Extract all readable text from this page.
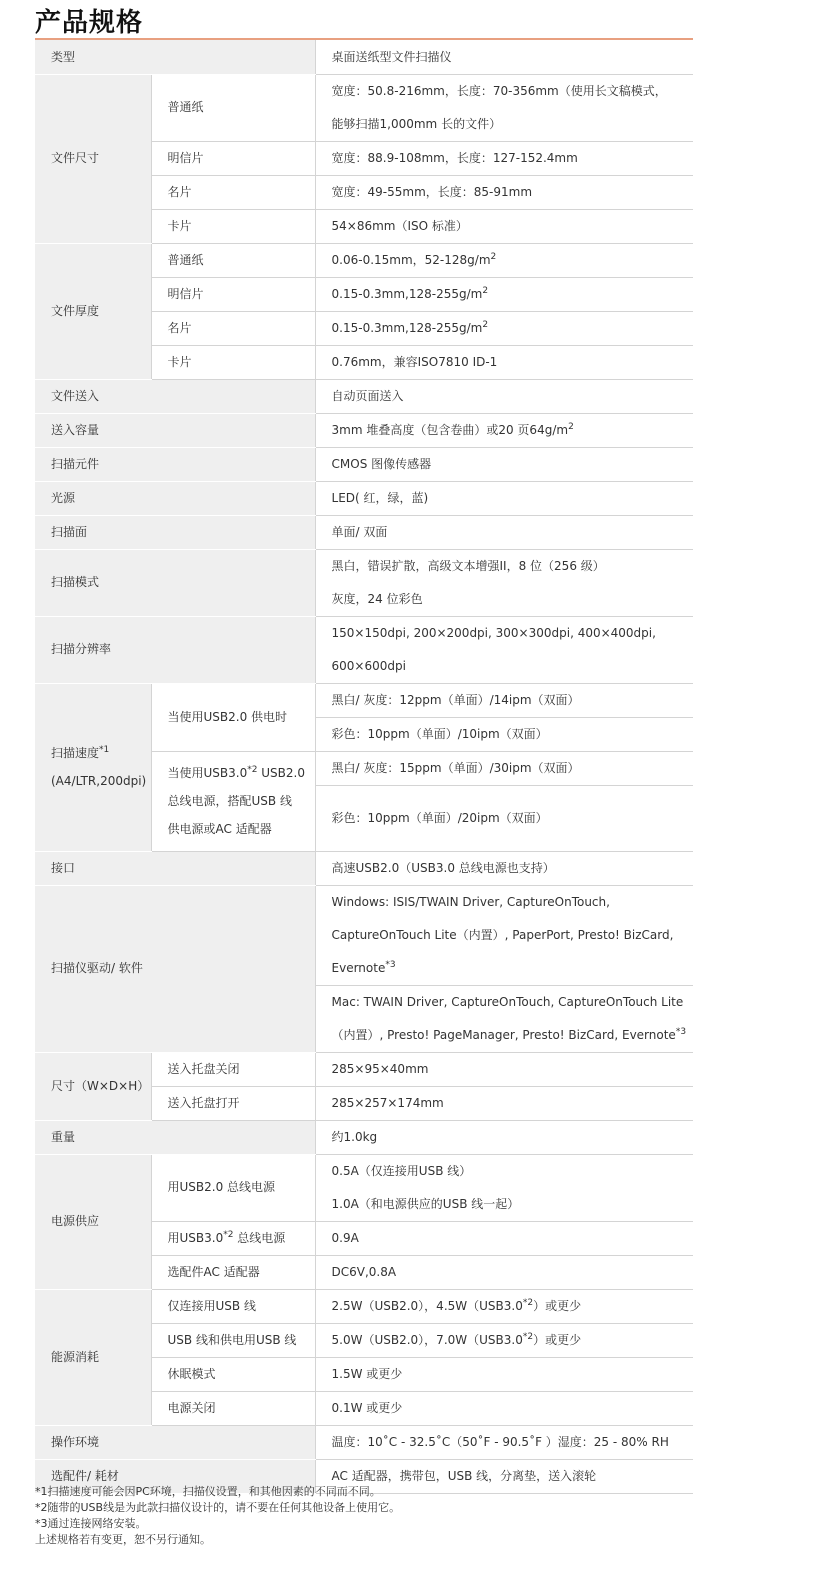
产品规格
类型		桌面送纸型文件扫描仪
文件尺寸	普通纸	宽度：50.8-216mm，长度：70-356mm（使用长文稿模式，
能够扫描1,000mm 长的文件）

	明信片	宽度：88.9-108mm，长度：127-152.4mm
	名片	宽度：49-55mm，长度：85-91mm
	卡片	54×86mm（ISO 标准）
文件厚度	普通纸	0.06-0.15mm，$52-128g/m^2$
	明信片	$0.15-0.3mm,128-255g/m^2$
	名片	$0.15-0.3mm,128-255g/m^2$
	卡片	0.76mm，兼容ISO7810 ID-1
文件送入		自动页面送入
送入容量		3mm 堆叠高度（包含卷曲）或20 页$64g/m^2$
扫描元件		CMOS 图像传感器
光源		LED( 红，绿，蓝)
扫描面		单面/ 双面
扫描模式		黑白，错误扩散，高级文本增强II，8 位（256 级）
灰度，24 位彩色

扫描分辨率		150×150dpi, 200×200dpi, 300×300dpi, 400×400dpi,
600×600dpi

扫描速度$^{*1}$
(A4/LTR,200dpi)	当使用USB2.0 供电时	黑白/ 灰度：12ppm（单面）/14ipm（双面）
		彩色：10ppm（单面）/10ipm（双面）

	当使用USB3.0$^{*2}$ USB2.0
总线电源，搭配USB 线
供电源或AC 适配器	黑白/ 灰度：15ppm（单面）/30ipm（双面）
		彩色：10ppm（单面）/20ipm（双面）
接口		高速USB2.0（USB3.0 总线电源也支持）
扫描仪驱动/ 软件		Windows: ISIS/TWAIN Driver, CaptureOnTouch,
CaptureOnTouch Lite（内置）, PaperPort, Presto! BizCard,
Evernote$^{*3}$

		Mac: TWAIN Driver, CaptureOnTouch, CaptureOnTouch Lite
（内置）, Presto! PageManager, Presto! BizCard, Evernote$^{*3}$

尺寸（W×D×H）	送入托盘关闭	285×95×40mm
	送入托盘打开	285×257×174mm
重量		约1.0kg
电源供应	用USB2.0 总线电源	0.5A（仅连接用USB 线）
1.0A（和电源供应的USB 线一起）

	用USB3.0$^{*2}$ 总线电源	0.9A
	选配件AC 适配器	DC6V,0.8A
能源消耗	仅连接用USB 线	2.5W（USB2.0），4.5W（USB3.0$^{*2}$）或更少
	USB 线和供电用USB 线	5.0W（USB2.0），7.0W（USB3.0$^{*2}$）或更少
	休眠模式	1.5W 或更少
	电源关闭	0.1W 或更少
操作环境		温度：10˚C - 32.5˚C（50˚F - 90.5˚F ）湿度：25 - 80% RH
选配件/ 耗材		AC 适配器，携带包，USB 线，分离垫，送入滚轮
*1扫描速度可能会因PC环境，扫描仪设置，和其他因素的不同而不同。
*2随带的USB线是为此款扫描仪设计的，请不要在任何其他设备上使用它。
*3通过连接网络安装。
上述规格若有变更，恕不另行通知。
